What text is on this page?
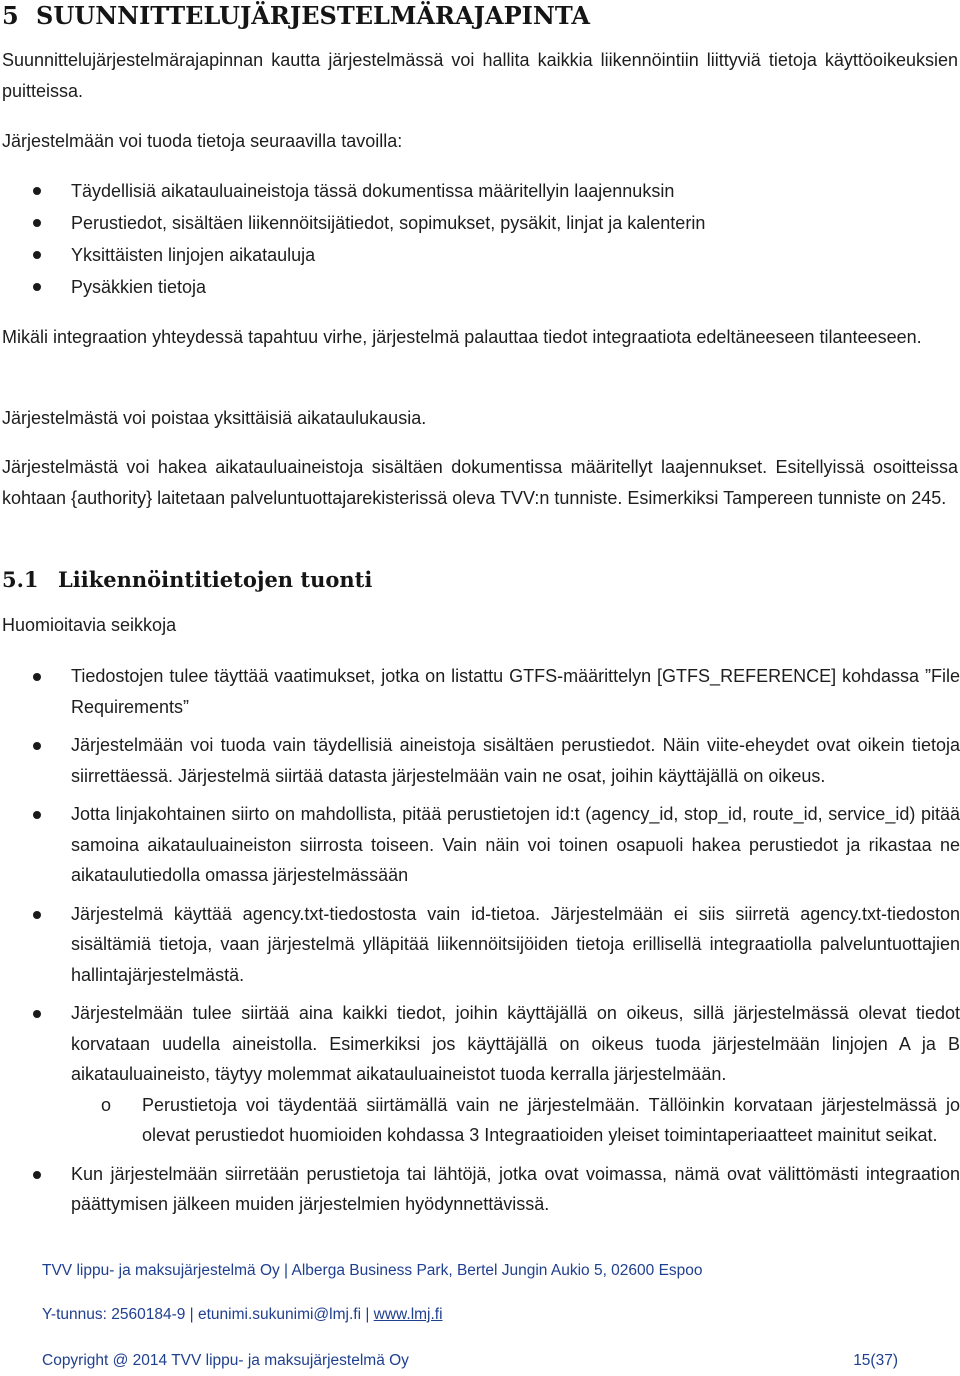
5 SUUNNITTELUJÄRJESTELMÄRAJAPINTA
Suunnittelujärjestelmärajapinnan kautta järjestelmässä voi hallita kaikkia liikennöintiin liittyviä tietoja käyttöoikeuksien puitteissa.
Järjestelmään voi tuoda tietoja seuraavilla tavoilla:
Täydellisiä aikatauluaineistoja tässä dokumentissa määritellyin laajennuksin
Perustiedot, sisältäen liikennöitsijätiedot, sopimukset, pysäkit, linjat ja kalenterin
Yksittäisten linjojen aikatauluja
Pysäkkien tietoja
Mikäli integraation yhteydessä tapahtuu virhe, järjestelmä palauttaa tiedot integraatiota edeltäneeseen tilanteeseen.
Järjestelmästä voi poistaa yksittäisiä aikataulukausia.
Järjestelmästä voi hakea aikatauluaineistoja sisältäen dokumentissa määritellyt laajennukset. Esitellyissä osoitteissa kohtaan {authority} laitetaan palveluntuottajarekisterissä oleva TVV:n tunniste. Esimerkiksi Tampereen tunniste on 245.
5.1 Liikennöintitietojen tuonti
Huomioitavia seikkoja
Tiedostojen tulee täyttää vaatimukset, jotka on listattu GTFS-määrittelyn [GTFS_REFERENCE] kohdassa ”File Requirements”
Järjestelmään voi tuoda vain täydellisiä aineistoja sisältäen perustiedot. Näin viite-eheydet ovat oikein tietoja siirrettäessä. Järjestelmä siirtää datasta järjestelmään vain ne osat, joihin käyttäjällä on oikeus.
Jotta linjakohtainen siirto on mahdollista, pitää perustietojen id:t (agency_id, stop_id, route_id, service_id) pitää samoina aikatauluaineiston siirrosta toiseen. Vain näin voi toinen osapuoli hakea perustiedot ja rikastaa ne aikataulutiedolla omassa järjestelmässään
Järjestelmä käyttää agency.txt-tiedostosta vain id-tietoa. Järjestelmään ei siis siirretä agency.txt-tiedoston sisältämiä tietoja, vaan järjestelmä ylläpitää liikennöitsijöiden tietoja erillisellä integraatiolla palveluntuottajien hallintajärjestelmästä.
Järjestelmään tulee siirtää aina kaikki tiedot, joihin käyttäjällä on oikeus, sillä järjestelmässä olevat tiedot korvataan uudella aineistolla. Esimerkiksi jos käyttäjällä on oikeus tuoda järjestelmään linjojen A ja B aikatauluaineisto, täytyy molemmat aikatauluaineistot tuoda kerralla järjestelmään.
o Perustietoja voi täydentää siirtämällä vain ne järjestelmään. Tällöinkin korvataan järjestelmässä jo olevat perustiedot huomioiden kohdassa 3 Integraatioiden yleiset toimintaperiaatteet mainitut seikat.
Kun järjestelmään siirretään perustietoja tai lähtöjä, jotka ovat voimassa, nämä ovat välittömästi integraation päättymisen jälkeen muiden järjestelmien hyödynnettävissä.
TVV lippu- ja maksujärjestelmä Oy | Alberga Business Park, Bertel Jungin Aukio 5, 02600 Espoo
Y-tunnus: 2560184-9 | etunimi.sukunimi@lmj.fi | www.lmj.fi
Copyright @ 2014 TVV lippu- ja maksujärjestelmä Oy	15(37)
